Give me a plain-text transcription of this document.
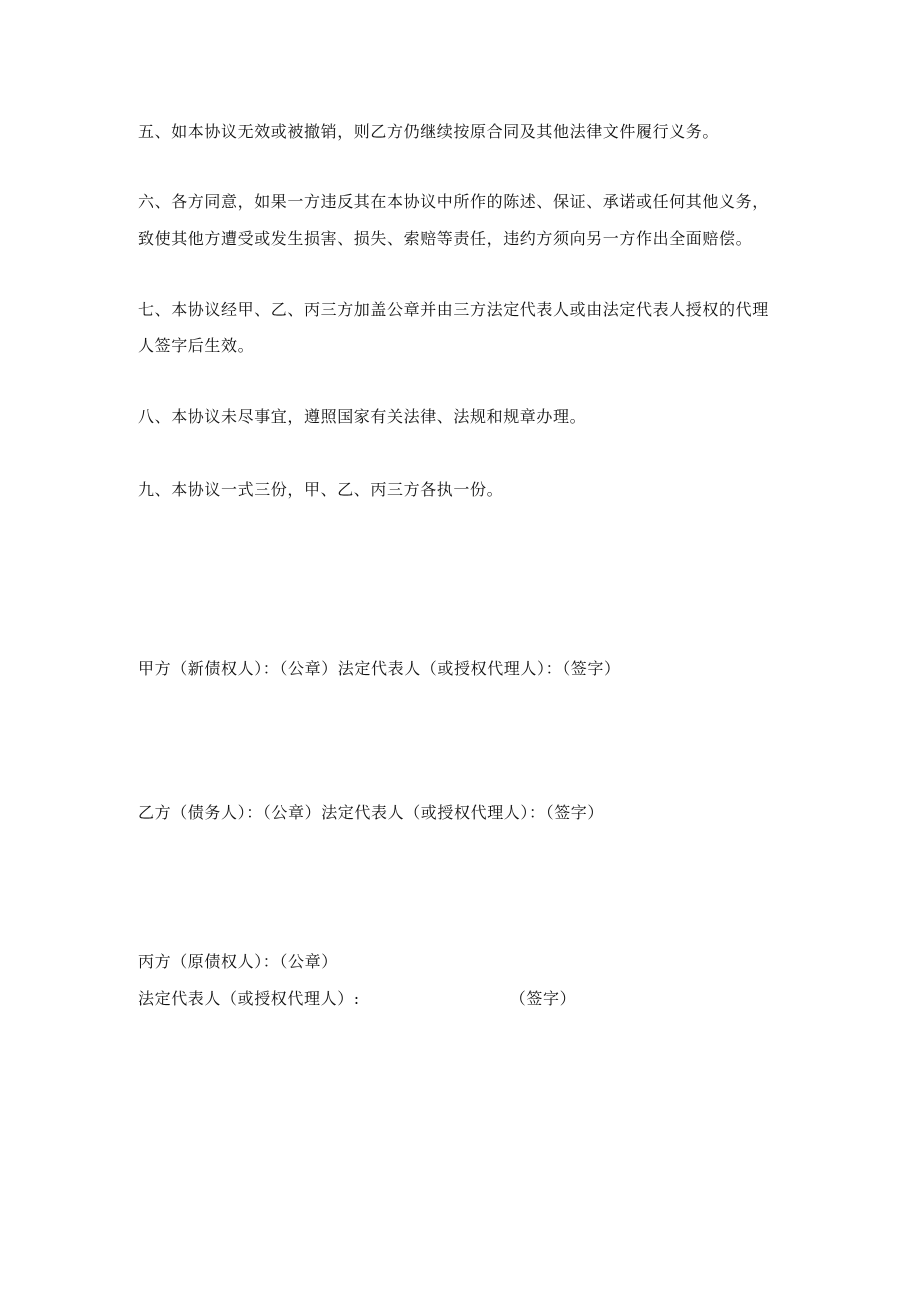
五、如本协议无效或被撤销，则乙方仍继续按原合同及其他法律文件履行义务。
六、各方同意，如果一方违反其在本协议中所作的陈述、保证、承诺或任何其他义务，
致使其他方遭受或发生损害、损失、索赔等责任，违约方须向另一方作出全面赔偿。
七、本协议经甲、乙、丙三方加盖公章并由三方法定代表人或由法定代表人授权的代理
人签字后生效。
八、本协议未尽事宜，遵照国家有关法律、法规和规章办理。
九、本协议一式三份，甲、乙、丙三方各执一份。
甲方（新债权人）：（公章）法定代表人（或授权代理人）：（签字）
乙方（债务人）：（公章）法定代表人（或授权代理人）：（签字）
丙方（原债权人）：（公章）
法定代表人（或授权代理人）:	（签字）
